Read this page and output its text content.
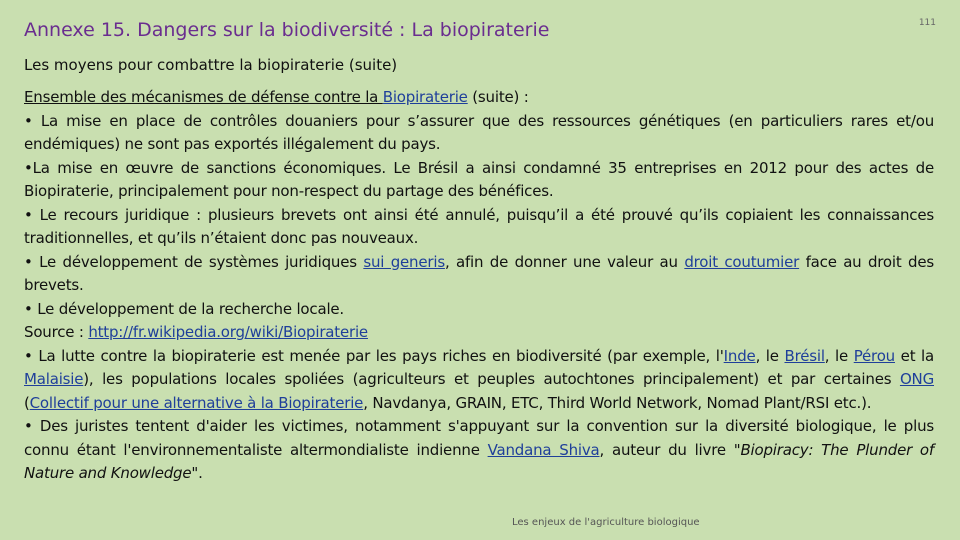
Annexe 15. Dangers sur la biodiversité : La biopiraterie	111
Les moyens pour combattre la biopiraterie (suite)

Ensemble des mécanismes de défense contre la Biopiraterie (suite) :

• La mise en place de contrôles douaniers pour s’assurer que des ressources génétiques (en particuliers rares et/ou endémiques) ne sont pas exportés illégalement du pays.

•La mise en œuvre de sanctions économiques. Le Brésil a ainsi condamné 35 entreprises en 2012 pour des actes de Biopiraterie, principalement pour non-respect du partage des bénéfices.

• Le recours juridique : plusieurs brevets ont ainsi été annulé, puisqu’il a été prouvé qu’ils copiaient les connaissances traditionnelles, et qu’ils n’étaient donc pas nouveaux.

• Le développement de systèmes juridiques sui generis, afin de donner une valeur au droit coutumier face au droit des brevets.

• Le développement de la recherche locale.

Source : http://fr.wikipedia.org/wiki/Biopiraterie

• La lutte contre la biopiraterie est menée par les pays riches en biodiversité (par exemple, l'Inde, le Brésil, le Pérou et la Malaisie), les populations locales spoliées (agriculteurs et peuples autochtones principalement) et par certaines ONG (Collectif pour une alternative à la Biopiraterie, Navdanya, GRAIN, ETC, Third World Network, Nomad Plant/RSI etc.).

• Des juristes tentent d'aider les victimes, notamment s'appuyant sur la convention sur la diversité biologique, le plus connu étant l'environnementaliste altermondialiste indienne Vandana Shiva, auteur du livre "Biopiracy: The Plunder of Nature and Knowledge".

Les enjeux de l'agriculture biologique
